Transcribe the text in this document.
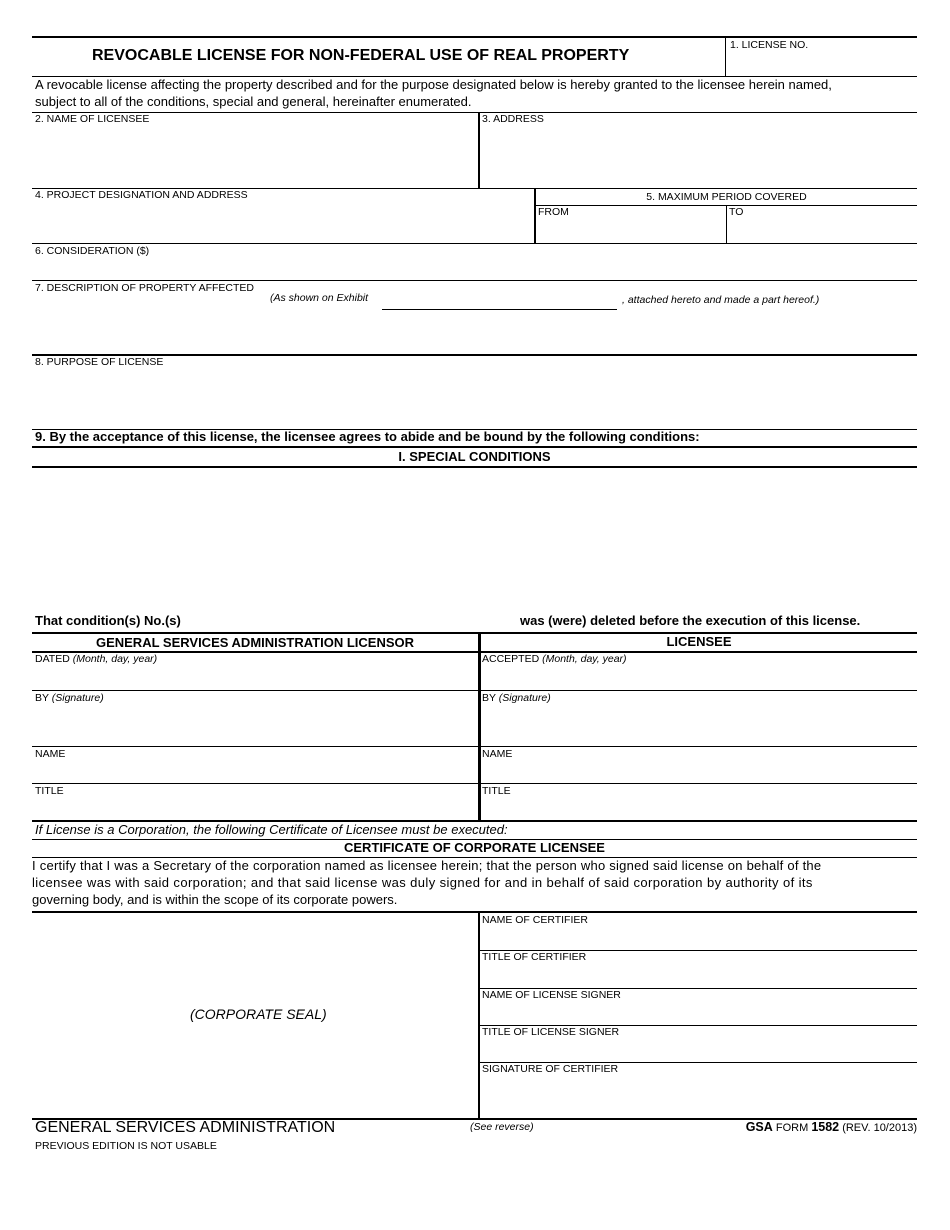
REVOCABLE LICENSE FOR NON-FEDERAL USE OF REAL PROPERTY
1. LICENSE NO.
A revocable license affecting the property described and for the purpose designated below is hereby granted to the licensee herein named,
subject to all of the conditions, special and general, hereinafter enumerated.
2. NAME OF LICENSEE	3. ADDRESS
4. PROJECT DESIGNATION AND ADDRESS	5. MAXIMUM PERIOD COVERED
FROM	TO
6. CONSIDERATION ($)
7. DESCRIPTION OF PROPERTY AFFECTED
(As shown on Exhibit	, attached hereto and made a part hereof.)
8. PURPOSE OF LICENSE
9. By the acceptance of this license, the licensee agrees to abide and be bound by the following conditions:
I. SPECIAL CONDITIONS
That condition(s) No.(s)	was (were) deleted before the execution of this license.
GENERAL SERVICES ADMINISTRATION LICENSOR	LICENSEE
DATED (Month, day, year)	ACCEPTED (Month, day, year)
BY (Signature)	BY (Signature)
NAME	NAME
TITLE	TITLE
If License is a Corporation, the following Certificate of Licensee must be executed:
CERTIFICATE OF CORPORATE LICENSEE
I certify that I was a Secretary of the corporation named as licensee herein; that the person who signed said license on behalf of the
licensee was with said corporation; and that said license was duly signed for and in behalf of said corporation by authority of its
governing body, and is within the scope of its corporate powers.
(CORPORATE SEAL)
NAME OF CERTIFIER
TITLE OF CERTIFIER
NAME OF LICENSE SIGNER
TITLE OF LICENSE SIGNER
SIGNATURE OF CERTIFIER
GENERAL SERVICES ADMINISTRATION
PREVIOUS EDITION IS NOT USABLE
(See reverse)	GSA FORM 1582 (REV. 10/2013)
